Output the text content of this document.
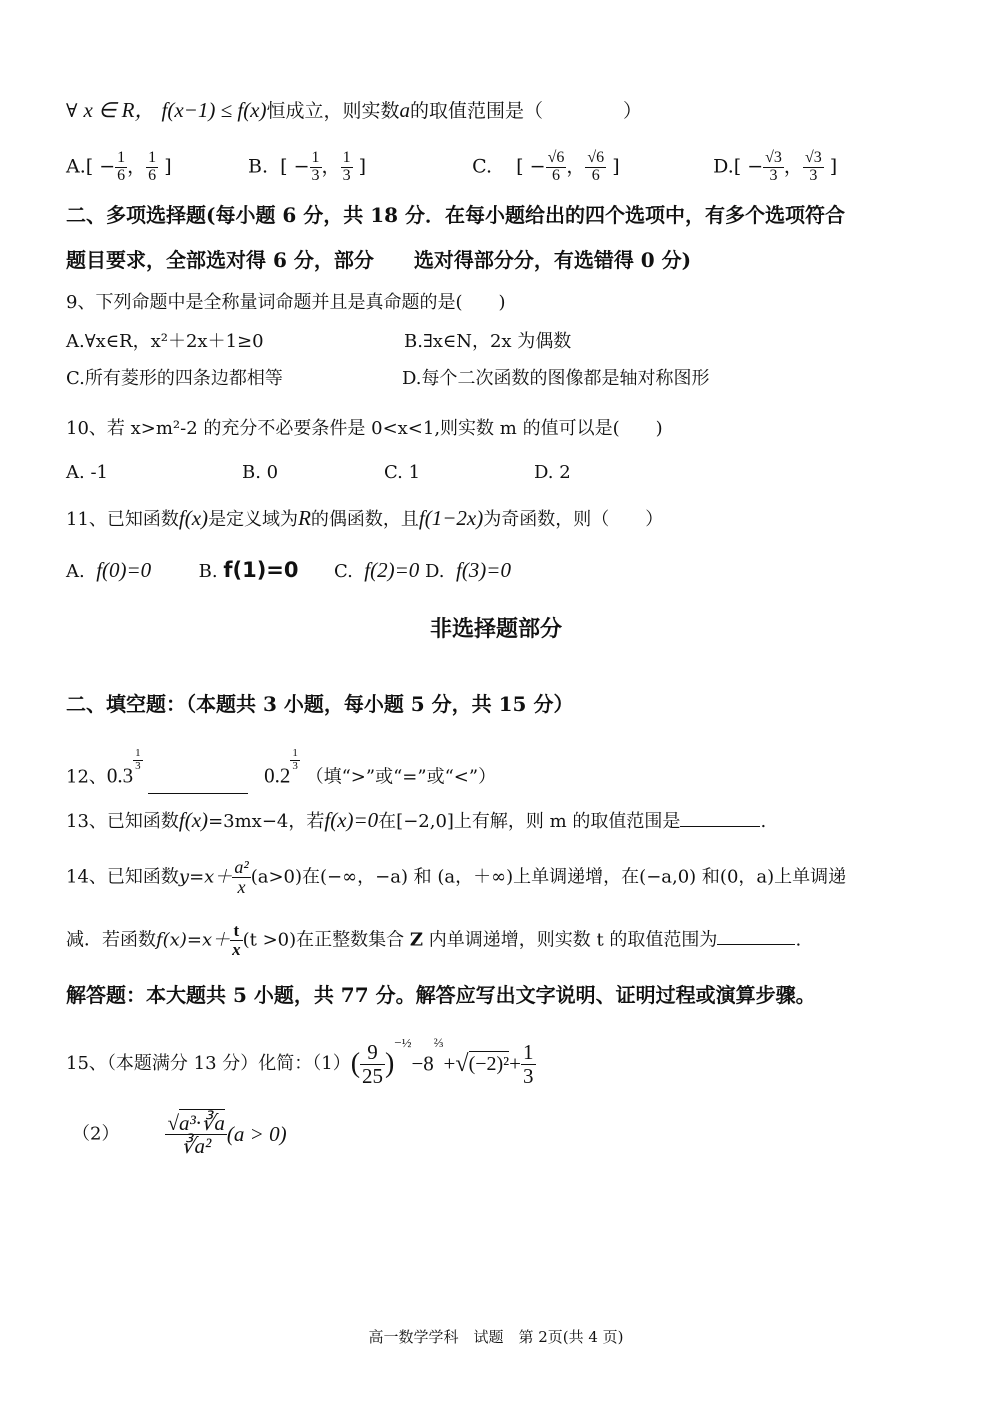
∀ x ∈ R， f(x−1) ≤ f(x)恒成立，则实数a的取值范围是（	）
$A.[ - \frac{1}{6}$ ， $\frac{1}{6}$ ]	B. [ − $\frac{1}{3}$ ， $\frac{1}{3}$ ]	C. [ − $\frac{√6}{6}$ ， $\frac{√6}{6}$ ]	$D.[ - \frac{√3}{3}$ ， $\frac{√3}{3}$ ]
二、多项选择题(每小题 6 分，共 18 分．在每小题给出的四个选项中，有多个选项符合
题目要求，全部选对得 6 分，部分　　选对得部分分，有选错得 0 分)
9、下列命题中是全称量词命题并且是真命题的是(　　)
A.∀x∈R，x²＋2x＋1≥0	B.∃x∈N，2x 为偶数
C.所有菱形的四条边都相等	D.每个二次函数的图像都是轴对称图形
10、若 x>m²-2 的充分不必要条件是 0<x<1,则实数 m 的值可以是(　　)
A. -1	B. 0	C. 1	D. 2
11、已知函数f(x)是定义域为R的偶函数，且f(1−2x)为奇函数，则（　　）
A. f(0)=0	B. f(1)=0 C. f(2)=0 D. f(3)=0
非选择题部分
二、填空题：（本题共 3 小题，每小题 5 分，共 15 分）
12、0.3
$\frac{1}{3}$
0.2
$\frac{1}{3}$
（填“>”或“=”或“<”）
13、已知函数f(x)=3mx−4，若f(x)=0在[−2,0]上有解，则 m 的取值范围是	.
14、已知函数$y=x+ \frac{\text{a²}}{x} (a>0)$在(−∞，−a) 和 (a，＋∞)上单调递增，在(−a,0) 和(0，a)上单调递
减．若函数$f(x)=x+ \frac{t}{x} (t >0)$在正整数集合 Z 内单调递增，则实数 t 的取值范围为	.
解答题：本大题共 5 小题，共 77 分。解答应写出文字说明、证明过程或演算步骤。
15、（本题满分 13 分）化简：$(1)( \frac{9}{25} )^{-\frac{1}{2}}-8^{\frac{2}{3}}+√(-2)^2+ \frac{1}{3}$
$(2) \frac{\text{√a³·∛a}}{\text{∛a²}} (a > 0)$
高一数学学科　试题　第 2页(共 4 页)
